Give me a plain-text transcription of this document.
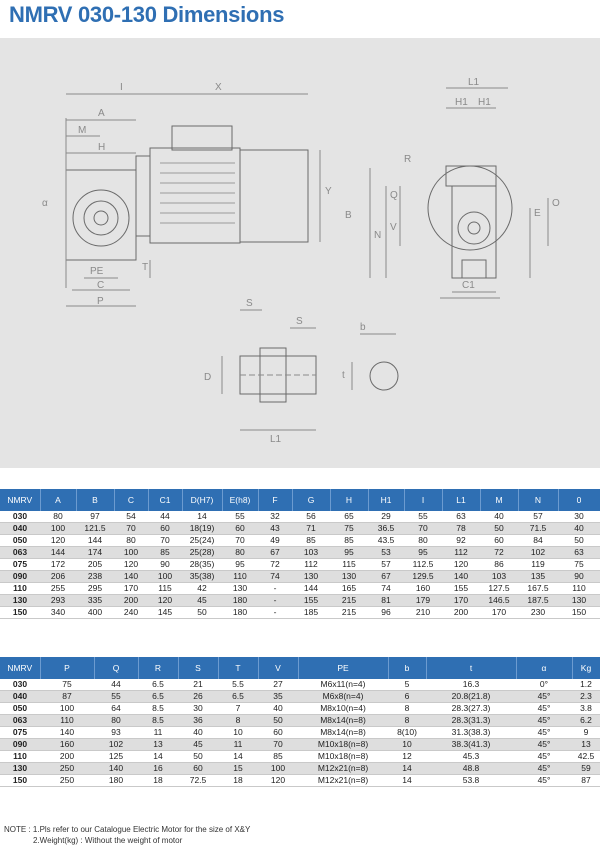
NMRV 030-130 Dimensions
I	X
A
M
H
α
Y
PE
C
P
T
L1
H1 H1
R
Q
B
N
V
E
O
C1
S
S
D
L1
b
t
NMRV	A	B	C	C1	D(H7)	E(h8)	F	G	H	H1	I	L1	M	N	0
030	80	97	54	44	14	55	32	56	65	29	55	63	40	57	30
040	100	121.5	70	60	18(19)	60	43	71	75	36.5	70	78	50	71.5	40
050	120	144	80	70	25(24)	70	49	85	85	43.5	80	92	60	84	50
063	144	174	100	85	25(28)	80	67	103	95	53	95	112	72	102	63
075	172	205	120	90	28(35)	95	72	112	115	57	112.5	120	86	119	75
090	206	238	140	100	35(38)	110	74	130	130	67	129.5	140	103	135	90
110	255	295	170	115	42	130	-	144	165	74	160	155	127.5	167.5	110
130	293	335	200	120	45	180	-	155	215	81	179	170	146.5	187.5	130
150	340	400	240	145	50	180	-	185	215	96	210	200	170	230	150
NMRV	P	Q	R	S	T	V	PE	b	t	α	Kg
030	75	44	6.5	21	5.5	27	M6x11(n=4)	5	16.3	0°	1.2
040	87	55	6.5	26	6.5	35	M6x8(n=4)	6	20.8(21.8)	45°	2.3
050	100	64	8.5	30	7	40	M8x10(n=4)	8	28.3(27.3)	45°	3.8
063	110	80	8.5	36	8	50	M8x14(n=8)	8	28.3(31.3)	45°	6.2
075	140	93	11	40	10	60	M8x14(n=8)	8(10)	31.3(38.3)	45°	9
090	160	102	13	45	11	70	M10x18(n=8)	10	38.3(41.3)	45°	13
110	200	125	14	50	14	85	M10x18(n=8)	12	45.3	45°	42.5
130	250	140	16	60	15	100	M12x21(n=8)	14	48.8	45°	59
150	250	180	18	72.5	18	120	M12x21(n=8)	14	53.8	45°	87
NOTE : 1.Pls refer to our Catalogue Electric Motor for the size of X&Y
2.Weight(kg) : Without the weight of motor
